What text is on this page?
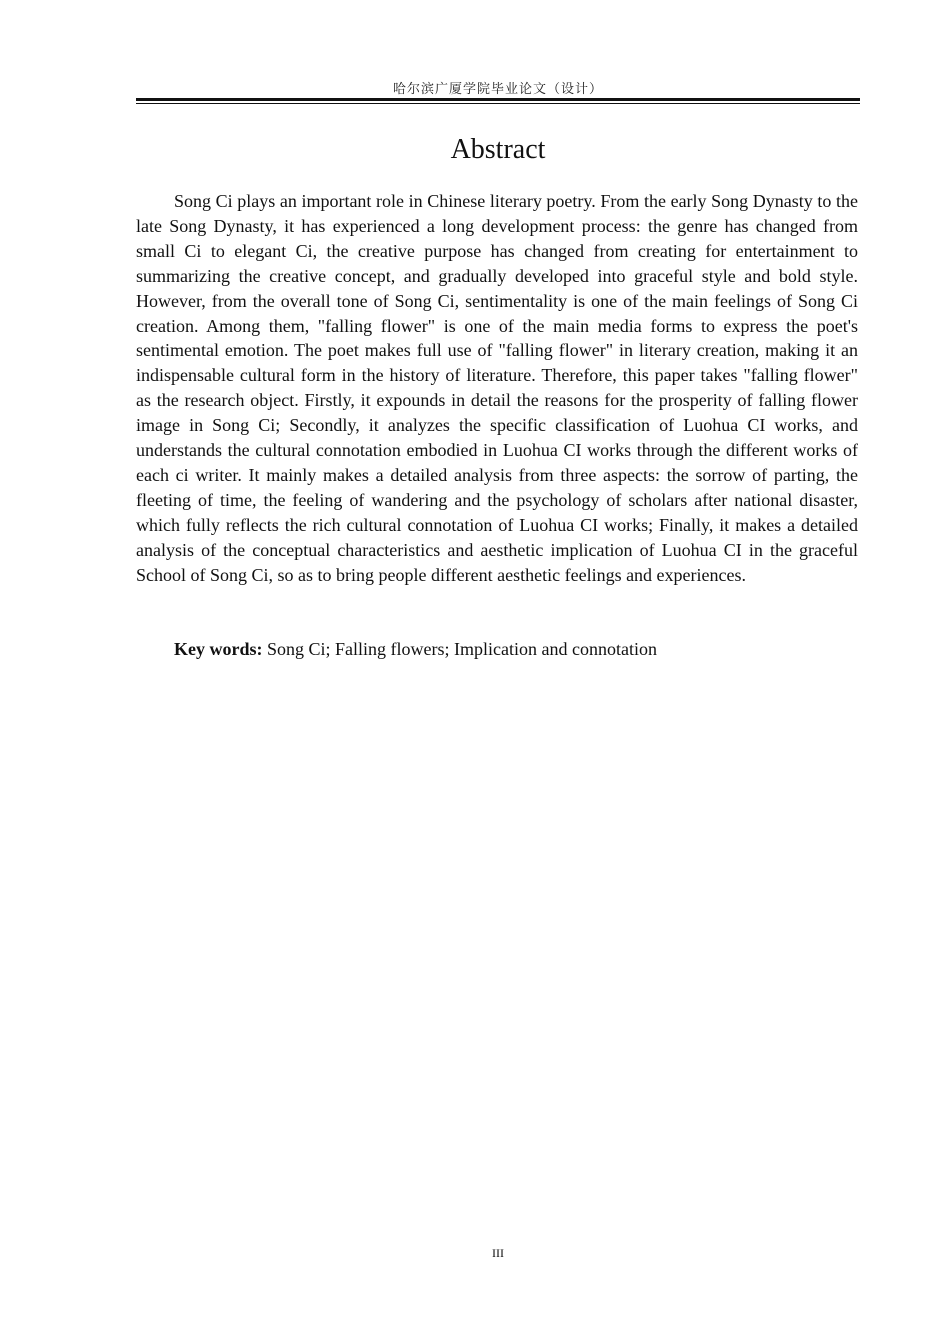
哈尔滨广厦学院毕业论文（设计）
Abstract

Song Ci plays an important role in Chinese literary poetry. From the early Song Dynasty to the late Song Dynasty, it has experienced a long development process: the genre has changed from small Ci to elegant Ci, the creative purpose has changed from creating for entertainment to summarizing the creative concept, and gradually developed into graceful style and bold style. However, from the overall tone of Song Ci, sentimentality is one of the main feelings of Song Ci creation. Among them, "falling flower" is one of the main media forms to express the poet's sentimental emotion. The poet makes full use of "falling flower" in literary creation, making it an indispensable cultural form in the history of literature. Therefore, this paper takes "falling flower" as the research object. Firstly, it expounds in detail the reasons for the prosperity of falling flower image in Song Ci; Secondly, it analyzes the specific classification of Luohua CI works, and understands the cultural connotation embodied in Luohua CI works through the different works of each ci writer. It mainly makes a detailed analysis from three aspects: the sorrow of parting, the fleeting of time, the feeling of wandering and the psychology of scholars after national disaster, which fully reflects the rich cultural connotation of Luohua CI works; Finally, it makes a detailed analysis of the conceptual characteristics and aesthetic implication of Luohua CI in the graceful School of Song Ci, so as to bring people different aesthetic feelings and experiences.

Key words: Song Ci; Falling flowers; Implication and connotation

III
